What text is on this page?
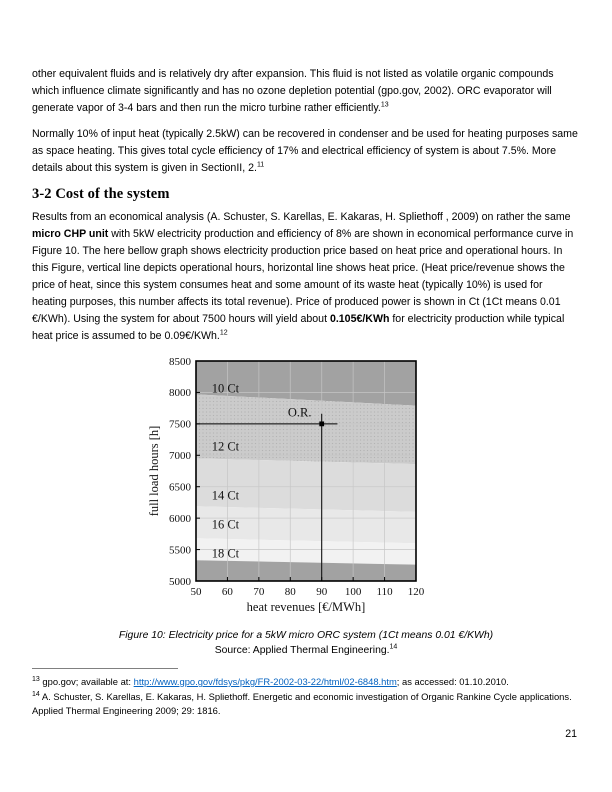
other equivalent fluids and is relatively dry after expansion. This fluid is not listed as volatile organic compounds which influence climate significantly and has no ozone depletion potential (gpo.gov, 2002). ORC evaporator will generate vapor of 3-4 bars and then run the micro turbine rather efficiently.$^{13}$

Normally 10% of input heat (typically 2.5kW) can be recovered in condenser and be used for heating purposes same as space heating. This gives total cycle efficiency of 17% and electrical efficiency of system is about 7.5%. More details about this system is given in SectionII, 2.11

3-2 Cost of the system

Results from an economical analysis (A. Schuster, S. Karellas, E. Kakaras, H. Spliethoff , 2009) on rather the same micro CHP unit with 5kW electricity production and efficiency of 8% are shown in economical performance curve in Figure 10. The here bellow graph shows electricity production price based on heat price and operational hours. In this Figure, vertical line depicts operational hours, horizontal line shows heat price. (Heat price/revenue shows the price of heat, since this system consumes heat and some amount of its waste heat (typically 10%) is used for heating purposes, this number affects its total revenue). Price of produced power is shown in Ct (1Ct means 0.01 €/KWh). Using the system for about 7500 hours will yield about 0.105€/KWh for electricity production while typical heat price is assumed to be 0.09€/KWh.$^{12}$

O.R.
10 Ct
12 Ct
14 Ct
16 Ct
18 Ct
5000
5500
6000
6500
7000
7500
8000
8500
50 60 70 80 90 100 110 120
heat revenues [€/MWh]
full load hours [h]
Figure 10: Electricity price for a 5kW micro ORC system (1Ct means 0.01 €/KWh)
Source: Applied Thermal Engineering.$^{14}$

$^{13}$ gpo.gov; available at: http://www.gpo.gov/fdsys/pkg/FR-2002-03-22/html/02-6848.htm; as accessed: 01.10.2010.

$^{14}$ A. Schuster, S. Karellas, E. Kakaras, H. Spliethoff. Energetic and economic investigation of Organic Rankine Cycle applications. Applied Thermal Engineering 2009; 29: 1816.

21
